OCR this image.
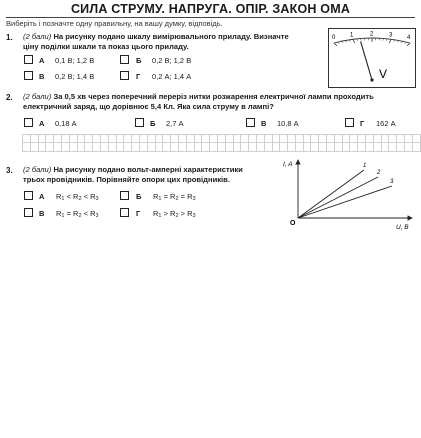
СИЛА СТРУМУ. НАПРУГА. ОПІР. ЗАКОН ОМА
Виберіть і позначте одну правильну, на вашу думку, відповідь.
1. (2 бали) На рисунку подано шкалу вимірювального приладу. Визначте
ціну поділки шкали та показ цього приладу.
А 0,1 В; 1,2 В	Б 0,2 В; 1,2 В
В 0,2 В; 1,4 В	Г 0,2 А; 1,4 А
0 1	2	3 4
V
2. (2 бали) За 0,5 хв через поперечний переріз нитки розжарення електричної лампи проходить
електричний заряд, що дорівнює 5,4 Кл. Яка сила струму в лампі?
А 0,18 А	Б 2,7 А	В 10,8 А	Г 162 А

3. (2 бали) На рисунку подано вольт-амперні характеристики
трьох провідників. Порівняйте опори цих провідників.
А R1 < R2 < R3	Б R1 = R2 = R3
В R1 = R2 < R3	Г R1 > R2 > R3
I, A
U, B
O
1
2
3
